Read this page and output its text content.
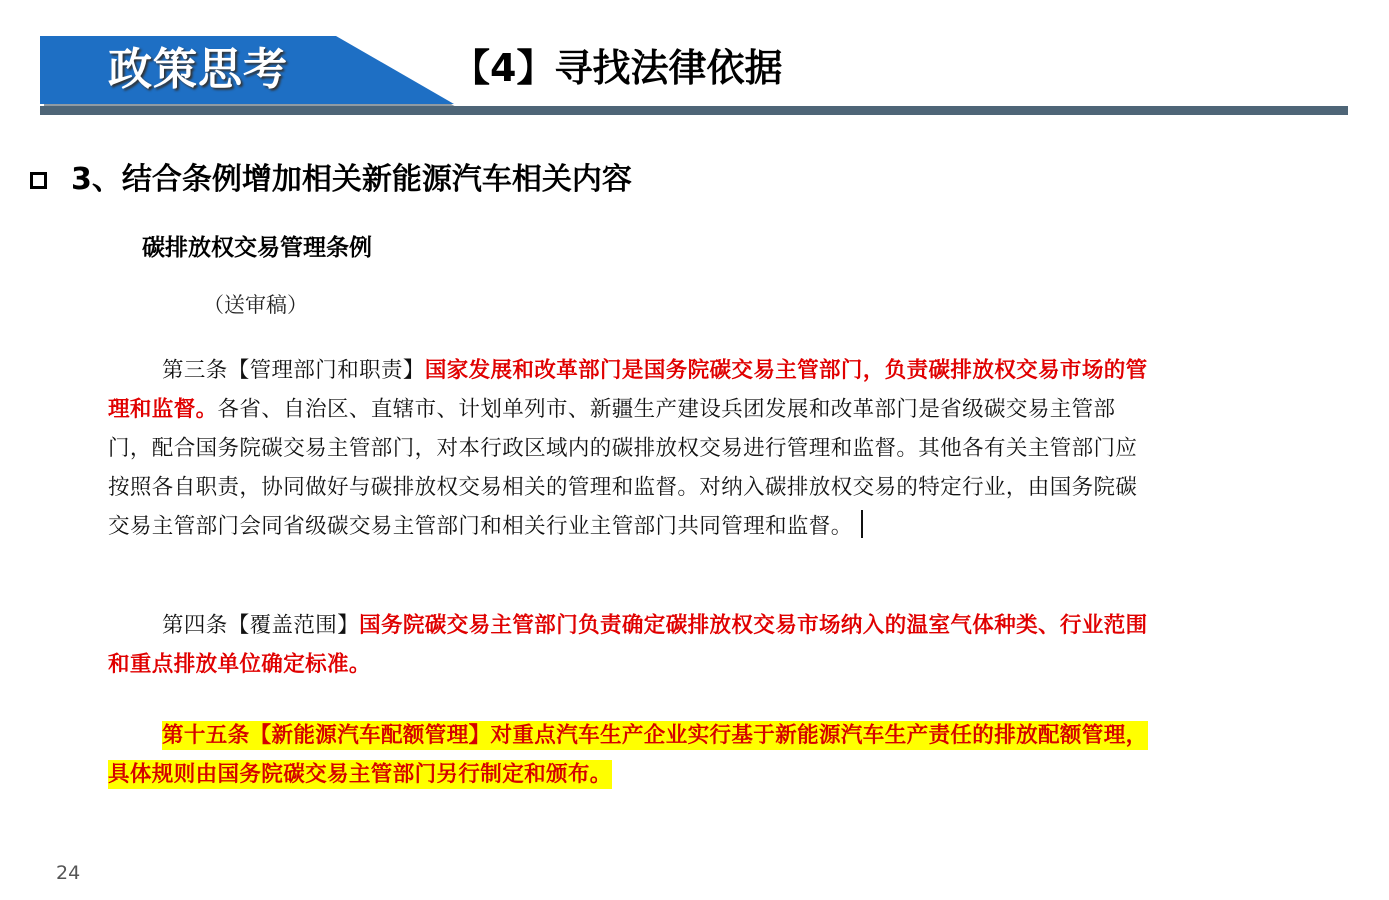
政策思考	【4】寻找法律依据
3、结合条例增加相关新能源汽车相关内容
碳排放权交易管理条例
（送审稿）

第三条【管理部门和职责】国家发展和改革部门是国务院碳交易主管部门，负责碳排放权交易市场的管理和监督。各省、自治区、直辖市、计划单列市、新疆生产建设兵团发展和改革部门是省级碳交易主管部门，配合国务院碳交易主管部门，对本行政区域内的碳排放权交易进行管理和监督。其他各有关主管部门应按照各自职责，协同做好与碳排放权交易相关的管理和监督。对纳入碳排放权交易的特定行业，由国务院碳交易主管部门会同省级碳交易主管部门和相关行业主管部门共同管理和监督。

第四条【覆盖范围】国务院碳交易主管部门负责确定碳排放权交易市场纳入的温室气体种类、行业范围和重点排放单位确定标准。

第十五条【新能源汽车配额管理】对重点汽车生产企业实行基于新能源汽车生产责任的排放配额管理，具体规则由国务院碳交易主管部门另行制定和颁布。

24
